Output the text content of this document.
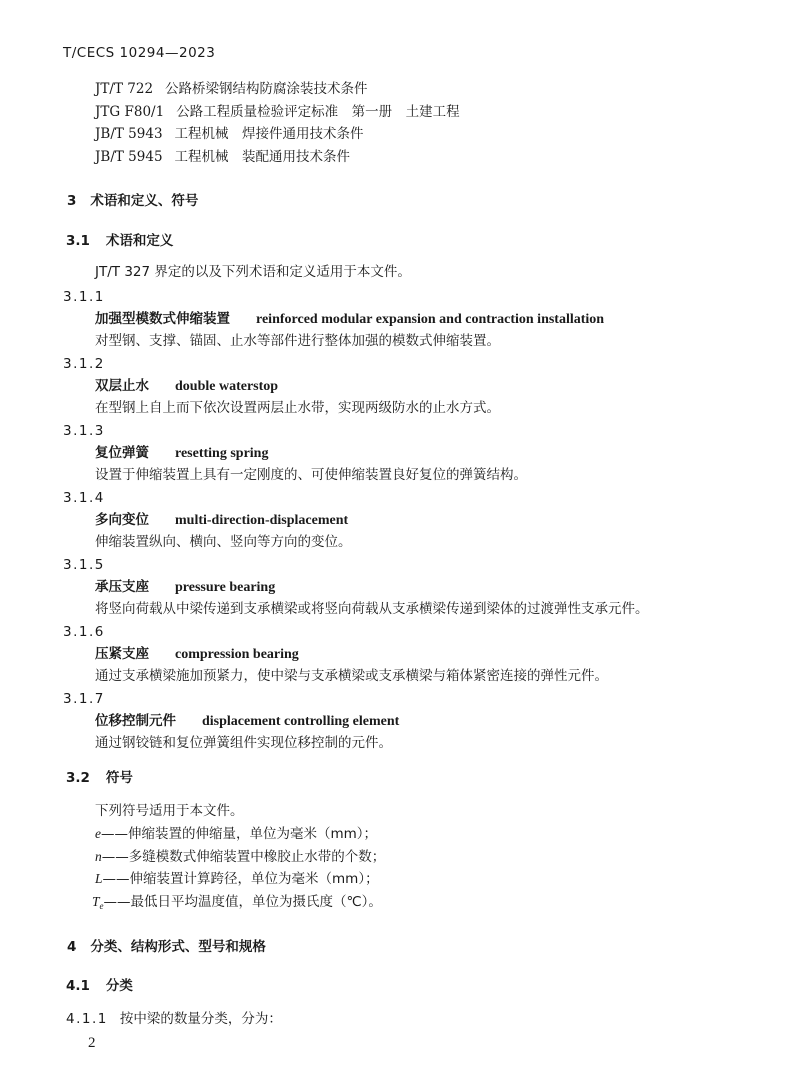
T/CECS 10294—2023
JT/T 722 公路桥梁钢结构防腐涂装技术条件
JTG F80/1 公路工程质量检验评定标准　第一册　土建工程
JB/T 5943 工程机械　焊接件通用技术条件
JB/T 5945 工程机械　装配通用技术条件
3 术语和定义、符号
3.1 术语和定义
JT/T 327 界定的以及下列术语和定义适用于本文件。
3.1.1
加强型模数式伸缩装置 reinforced modular expansion and contraction installation
对型钢、支撑、锚固、止水等部件进行整体加强的模数式伸缩装置。
3.1.2
双层止水 double waterstop
在型钢上自上而下依次设置两层止水带，实现两级防水的止水方式。
3.1.3
复位弹簧 resetting spring
设置于伸缩装置上具有一定刚度的、可使伸缩装置良好复位的弹簧结构。
3.1.4
多向变位 multi-direction-displacement
伸缩装置纵向、横向、竖向等方向的变位。
3.1.5
承压支座 pressure bearing
将竖向荷载从中梁传递到支承横梁或将竖向荷载从支承横梁传递到梁体的过渡弹性支承元件。
3.1.6
压紧支座 compression bearing
通过支承横梁施加预紧力，使中梁与支承横梁或支承横梁与箱体紧密连接的弹性元件。
3.1.7
位移控制元件 displacement controlling element
通过钢铰链和复位弹簧组件实现位移控制的元件。
3.2 符号
下列符号适用于本文件。
e——伸缩装置的伸缩量，单位为毫米（mm）；
n——多缝模数式伸缩装置中橡胶止水带的个数；
L——伸缩装置计算跨径，单位为毫米（mm）；
$T_e——$最低日平均温度值，单位为摄氏度（℃）。
4 分类、结构形式、型号和规格
4.1 分类
4.1.1 按中梁的数量分类，分为：
2
